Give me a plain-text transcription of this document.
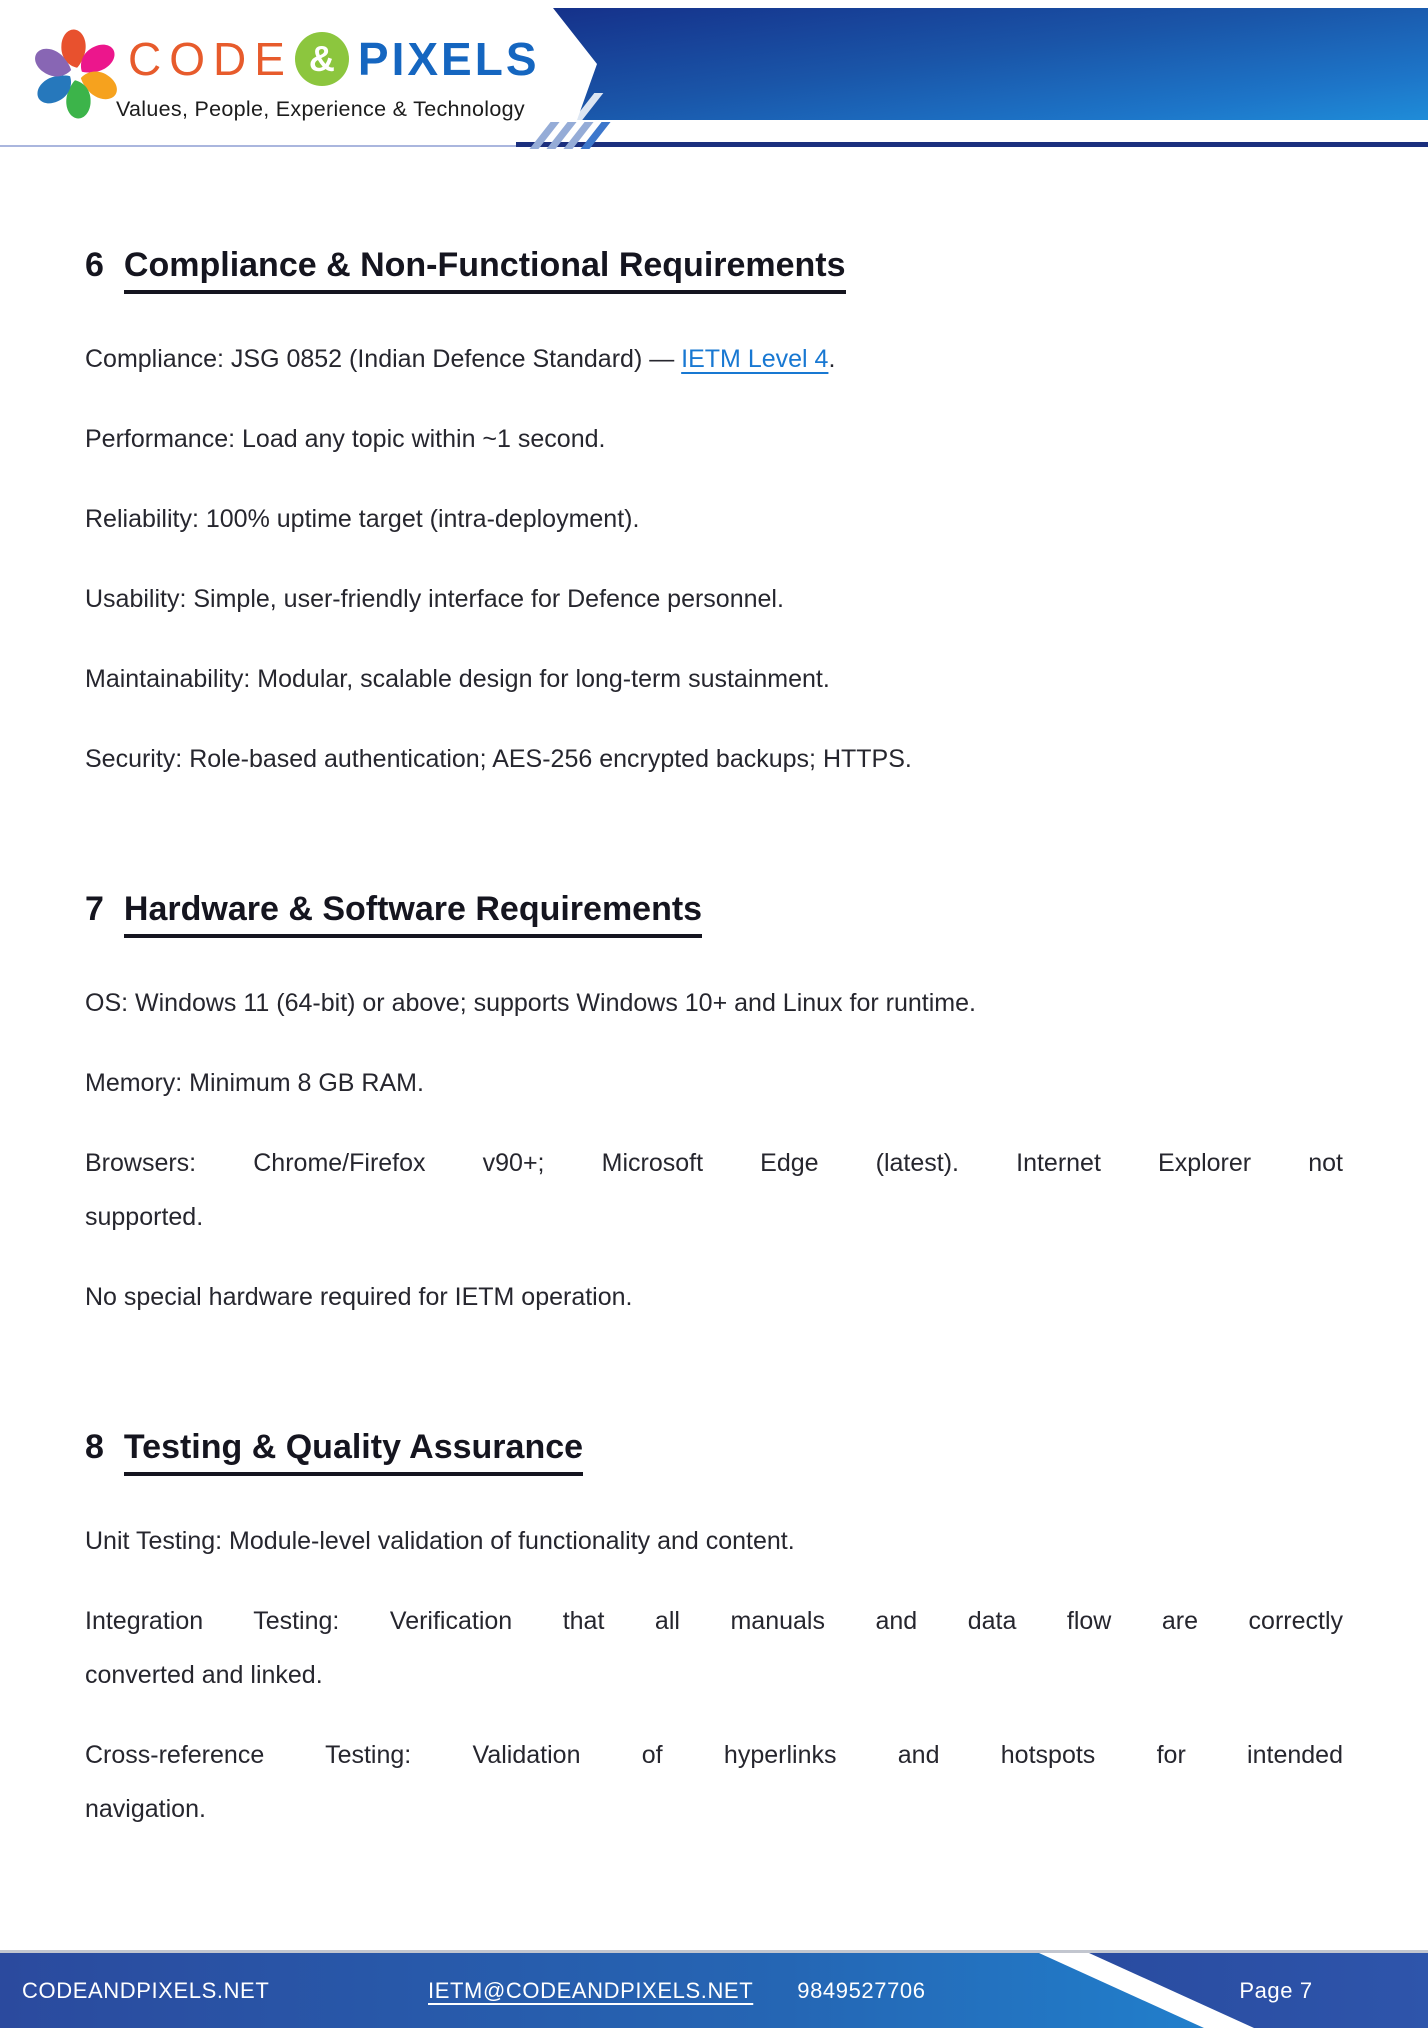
CODE & PIXELS
Values, People, Experience & Technology
6 Compliance & Non-Functional Requirements

Compliance: JSG 0852 (Indian Defence Standard) — IETM Level 4.

Performance: Load any topic within ~1 second.

Reliability: 100% uptime target (intra-deployment).

Usability: Simple, user-friendly interface for Defence personnel.

Maintainability: Modular, scalable design for long-term sustainment.

Security: Role-based authentication; AES-256 encrypted backups; HTTPS.

7 Hardware & Software Requirements

OS: Windows 11 (64-bit) or above; supports Windows 10+ and Linux for runtime.

Memory: Minimum 8 GB RAM.

Browsers: Chrome/Firefox v90+; Microsoft Edge (latest). Internet Explorer not
supported.

No special hardware required for IETM operation.

8 Testing & Quality Assurance

Unit Testing: Module-level validation of functionality and content.

Integration Testing: Verification that all manuals and data flow are correctly
converted and linked.

Cross-reference Testing: Validation of hyperlinks and hotspots for intended
navigation.

CODEANDPIXELS.NET	IETM@CODEANDPIXELS.NET 9849527706	Page 7
